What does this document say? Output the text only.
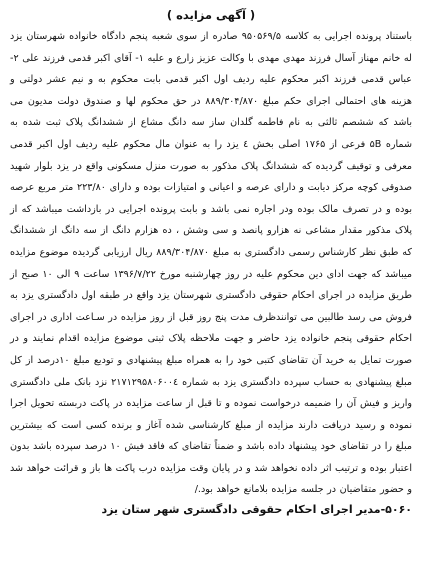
( آگهی مزایده )

باستناد پرونده اجرایی به کلاسه ۹۵۰۵۶۹/۵ صادره از سوی شعبه پنجم دادگاه خانواده شهرستان یزد له خانم مهناز آسال فرزند مهدی مهدی با وکالت عزیز زارع و علیه ۱- آقای اکبر قدمی فرزند علی ۲- عباس قدمی فرزند اکبر محکوم علیه ردیف اول اکبر قدمی بابت محکوم به و نیم عشر دولتی و هزینه های احتمالی اجرای حکم مبلغ ۸۸۹/۳۰۴/۸۷۰ در حق محکوم لها و صندوق دولت مدیون می باشد که ششصم ثالثی به نام فاطمه گلدان ساز سه دانگ مشاع از ششدانگ پلاک ثبت شده به شماره ۵B فرعی از ۱۷۶۵ اصلی بخش ٤ یزد را به عنوان مال محکوم علیه ردیف اول اکبر قدمی معرفی و توقیف گردیده که ششدانگ پلاک مذکور به صورت منزل مسکونی واقع در یزد بلوار شهید صدوقی کوچه مرکز دیابت و دارای عرصه و اعیانی و امتیازات بوده و دارای ۲۲۳/۸۰ متر مربع عرصه بوده و در تصرف مالک بوده ودر اجاره نمی باشد و بابت پرونده اجرایی در بازداشت میباشد که از پلاک مذکور مقدار مشاعی نه هزارو پانصد و سی وشش ، ده هزارم دانگ از سه دانگ از ششدانگ که طبق نظر کارشناس رسمی دادگستری به مبلغ ۸۸۹/۳۰۴/۸۷۰ ریال ارزیابی گردیده موضوع مزایده میباشد که جهت ادای دین محکوم علیه در روز چهارشنبه مورخ ۱۳۹۶/۷/۲۲ ساعت ۹ الی ۱۰ صبح از طریق مزایده در اجرای احکام حقوقی دادگستری شهرستان یزد واقع در طبقه اول دادگستری یزد به فروش می رسد طالبین می توانندظرف مدت پنج روز قبل از روز مزایده در سـاعت اداری در اجرای احکام حقوقی پنجم خانواده یزد حاضر و جهت ملاحظه پلاک ثبتی موضوع مزایده اقدام نمایند و در صورت تمایل به خرید آن تقاضای کتبی خود را به همراه مبلغ پیشنهادی و تودیع مبلغ ۱۰درصد از کل مبلغ پیشنهادی به حساب سپرده دادگستری یزد به شماره ۲۱۷۱۲۹۵۸۰۶۰۰٤ نزد بانک ملی دادگستری واریز و فیش آن را ضمیمه درخواست نموده و تا قبل از ساعت مزایده در پاکت دربسته تحویل اجرا نموده و رسید دریافت دارند مزایده از مبلغ کارشناسی شده آغاز و برنده کسی است که بیشترین مبلغ را در تقاضای خود پیشنهاد داده باشد و ضمناً تقاضای که فاقد فیش ۱۰ درصد سپرده باشد بدون اعتبار بوده و ترتیب اثر داده نخواهد شد و در پایان وقت مزایده درب پاکت ها باز و قرائت خواهد شد و حضور متقاضیان در جلسه مزایده بلامانع خواهد بود./

۵۰۶۰-مدیر اجرای احکام حقوقی دادگستری شهر ستان یزد
